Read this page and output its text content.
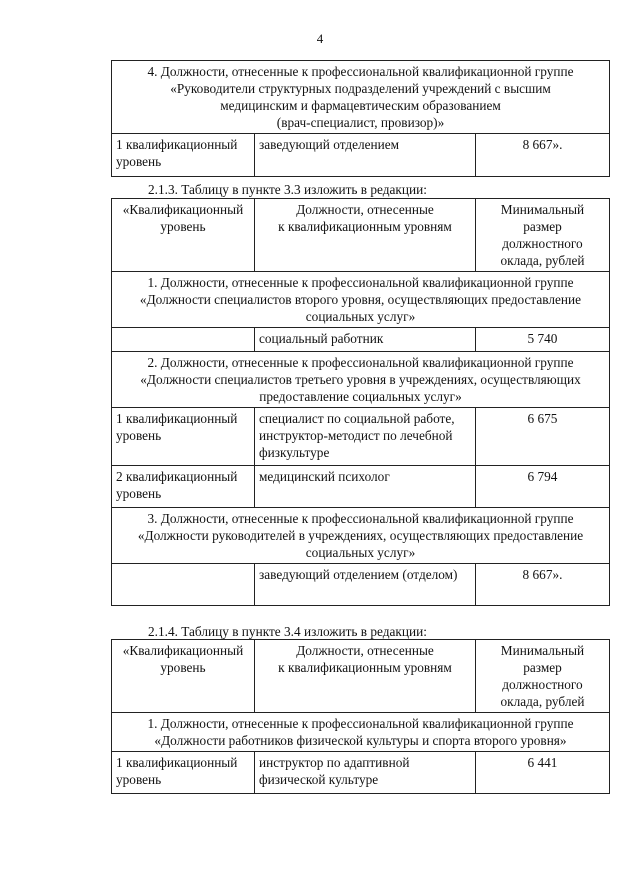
4
4. Должности, отнесенные к профессиональной квалификационной группе
«Руководители структурных подразделений учреждений с высшим
медицинским и фармацевтическим образованием
(врач-специалист, провизор)»

1 квалификационный уровень	заведующий отделением	8 667».
2.1.3. Таблицу в пункте 3.3 изложить в редакции:
«Квалификационный уровень	Должности, отнесенные
к квалификационным уровням	Минимальный
размер
должностного
оклада, рублей

1. Должности, отнесенные к профессиональной квалификационной группе
«Должности специалистов второго уровня, осуществляющих предоставление
социальных услуг»		

	социальный работник	5 740

2. Должности, отнесенные к профессиональной квалификационной группе
«Должности специалистов третьего уровня в учреждениях, осуществляющих
предоставление социальных услуг»		

1 квалификационный уровень	специалист по социальной работе, инструктор-методист по лечебной физкультуре	6 675
2 квалификационный уровень	медицинский психолог	6 794

3. Должности, отнесенные к профессиональной квалификационной группе
«Должности руководителей в учреждениях, осуществляющих предоставление
социальных услуг»		

	заведующий отделением (отделом)	8 667».
2.1.4. Таблицу в пункте 3.4 изложить в редакции:
«Квалификационный уровень	Должности, отнесенные
к квалификационным уровням	Минимальный
размер
должностного
оклада, рублей

1. Должности, отнесенные к профессиональной квалификационной группе
«Должности работников физической культуры и спорта второго уровня»		

1 квалификационный уровень	инструктор по адаптивной физической культуре	6 441
